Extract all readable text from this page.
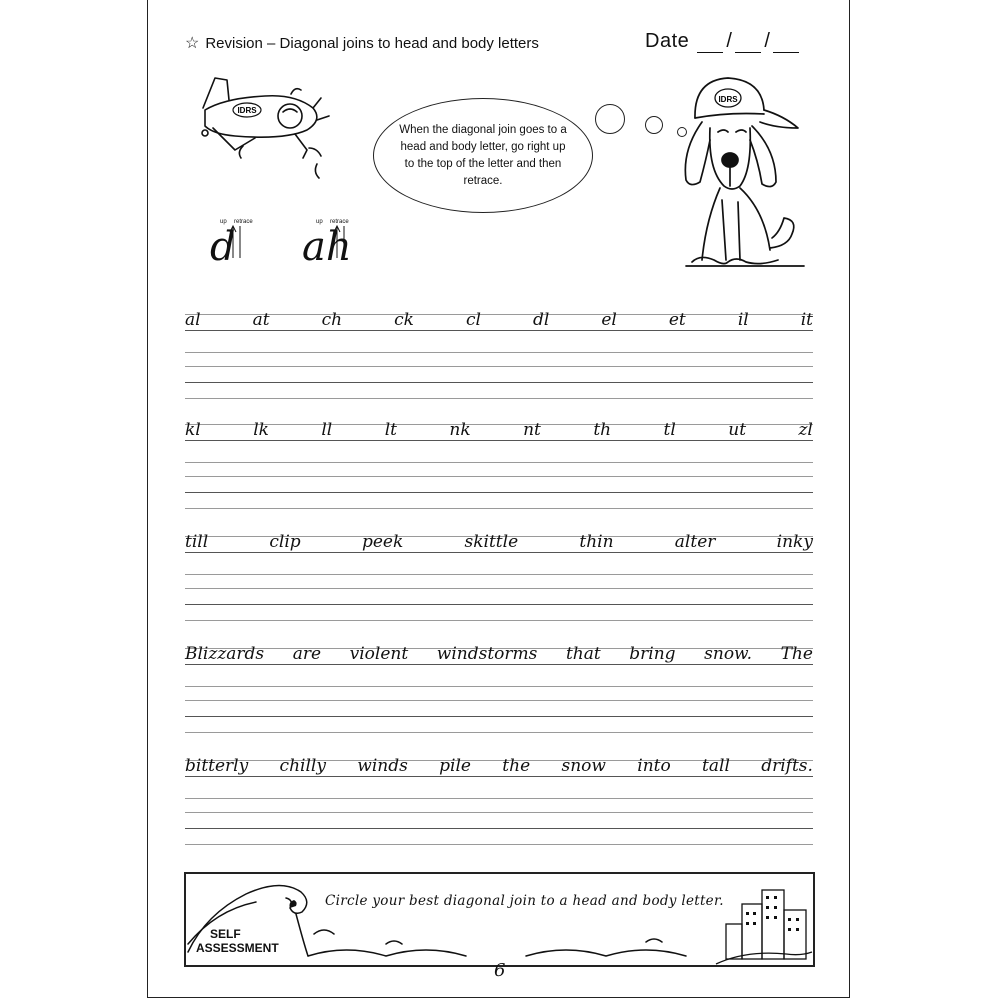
☆ Revision – Diagonal joins to head and body letters	Date / /
IDRS
When the diagonal join goes to a head and body letter, go right up to the top of the letter and then retrace.
IDRS
up retrace
d
up retrace
ah
al	at	ch	ck	cl	dl	el	et	il	it
kl	lk	ll	lt	nk	nt	th	tl	ut	zl
till	clip	peek	skittle	thin	alter	inky
Blizzards are violent windstorms that bring snow. The
bitterly chilly winds pile the snow into tall drifts.
Circle your best diagonal join to a head and body letter.
SELF
ASSESSMENT
6
